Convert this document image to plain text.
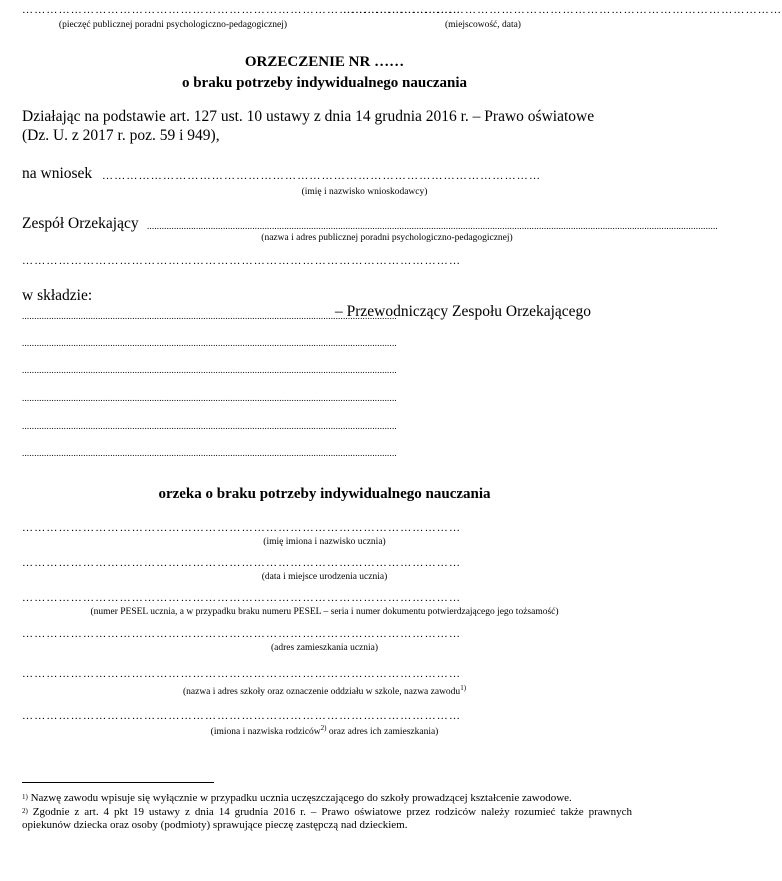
………………………………………………………………………………………………
………………………………………………………………………………………………
(pieczęć publicznej poradni psychologiczno-pedagogicznej)	(miejscowość, data)
ORZECZENIE NR ……
o braku potrzeby indywidualnego nauczania
Działając na podstawie art. 127 ust. 10 ustawy z dnia 14 grudnia 2016 r. – Prawo oświatowe
(Dz. U. z 2017 r. poz. 59 i 949),
na wniosek ………………………………………………………………………………………………
(imię i nazwisko wnioskodawcy)
Zespół Orzekający .........................................................................................................................................................................................................................................
(nazwa i adres publicznej poradni psychologiczno-pedagogicznej)
………………………………………………………………………………………………
w składzie:
.........................................................................................................................................................
– Przewodniczący Zespołu Orzekającego
.........................................................................................................................................................
.........................................................................................................................................................
.........................................................................................................................................................
.........................................................................................................................................................
.........................................................................................................................................................
orzeka o braku potrzeby indywidualnego nauczania
………………………………………………………………………………………………
(imię imiona i nazwisko ucznia)
………………………………………………………………………………………………
(data i miejsce urodzenia ucznia)
………………………………………………………………………………………………
(numer PESEL ucznia, a w przypadku braku numeru PESEL – seria i numer dokumentu potwierdzającego jego tożsamość)
………………………………………………………………………………………………
(adres zamieszkania ucznia)
………………………………………………………………………………………………
(nazwa i adres szkoły oraz oznaczenie oddziału w szkole, nazwa zawodu$^{1)}$
………………………………………………………………………………………………
(imiona i nazwiska rodziców$^{2)}$ oraz adres ich zamieszkania)
$^{1)}$ Nazwę zawodu wpisuje się wyłącznie w przypadku ucznia uczęszczającego do szkoły prowadzącej kształcenie zawodowe.
$^{2)}$ Zgodnie z art. 4 pkt 19 ustawy z dnia 14 grudnia 2016 r. – Prawo oświatowe przez rodziców należy rozumieć także prawnych opiekunów dziecka oraz osoby (podmioty) sprawujące pieczę zastępczą nad dzieckiem.
